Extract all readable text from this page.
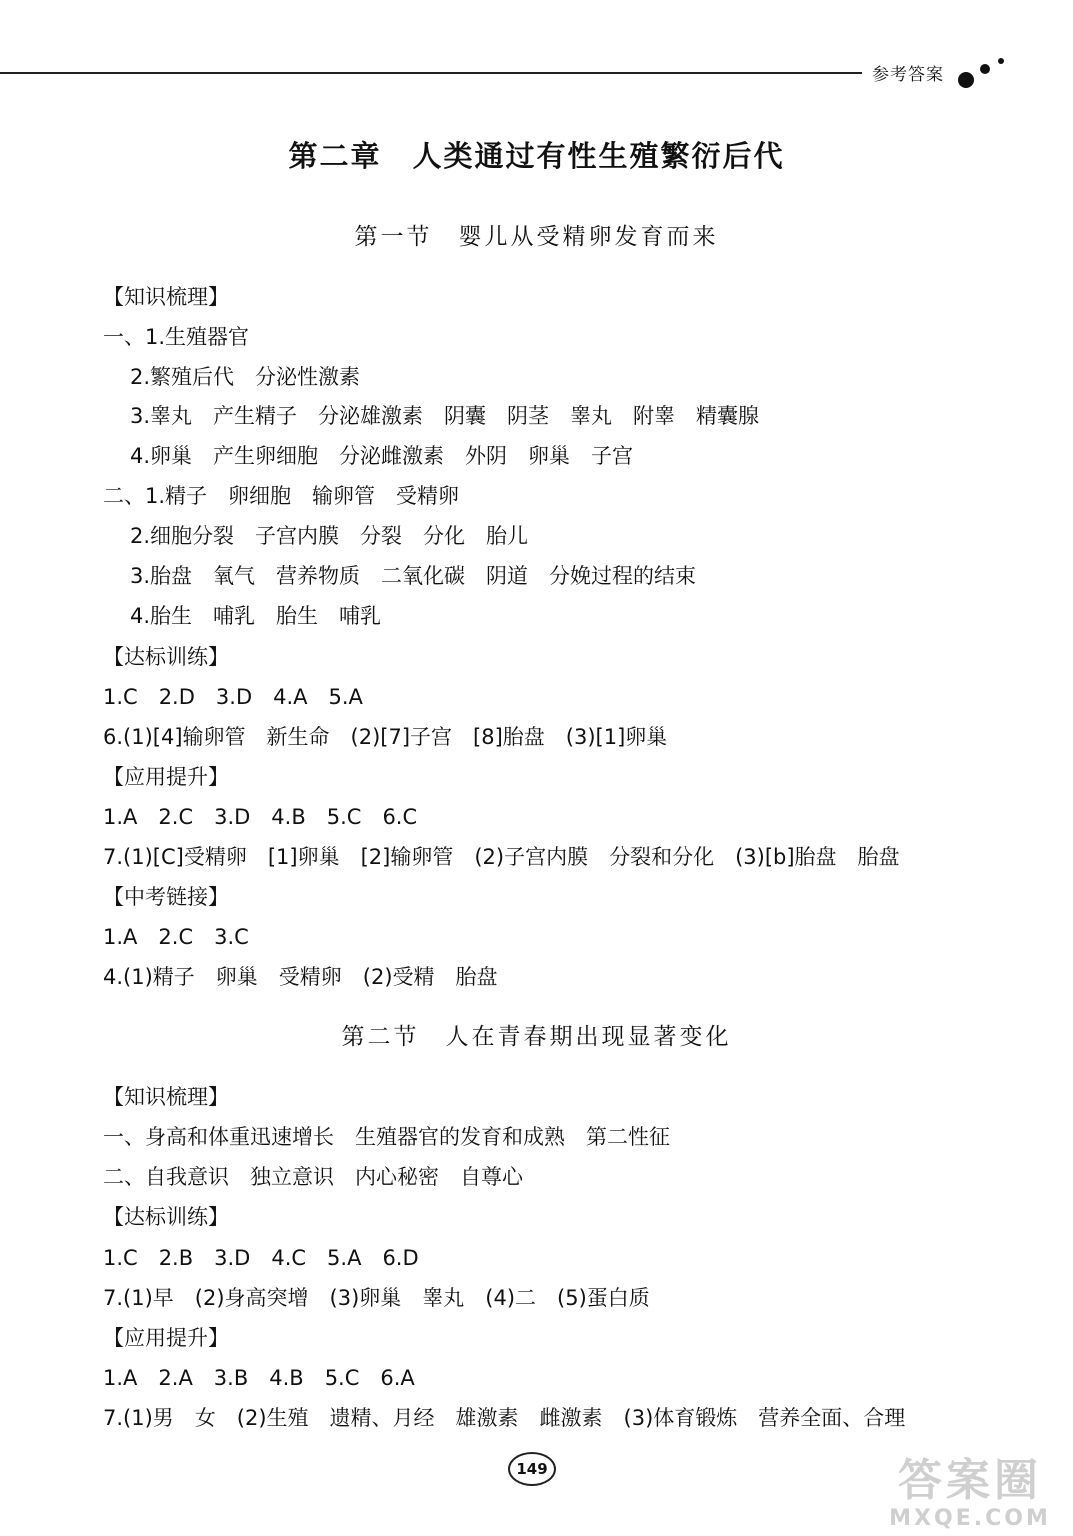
参考答案
第二章　人类通过有性生殖繁衍后代
第一节　婴儿从受精卵发育而来
【知识梳理】
一、1.生殖器官
2.繁殖后代　分泌性激素
3.睾丸　产生精子　分泌雄激素　阴囊　阴茎　睾丸　附睾　精囊腺
4.卵巢　产生卵细胞　分泌雌激素　外阴　卵巢　子宫
二、1.精子　卵细胞　输卵管　受精卵
2.细胞分裂　子宫内膜　分裂　分化　胎儿
3.胎盘　氧气　营养物质　二氧化碳　阴道　分娩过程的结束
4.胎生　哺乳　胎生　哺乳
【达标训练】
1.C　2.D　3.D　4.A　5.A
6.(1)[4]输卵管　新生命　(2)[7]子宫　[8]胎盘　(3)[1]卵巢
【应用提升】
1.A　2.C　3.D　4.B　5.C　6.C
7.(1)[C]受精卵　[1]卵巢　[2]输卵管　(2)子宫内膜　分裂和分化　(3)[b]胎盘　胎盘
【中考链接】
1.A　2.C　3.C
4.(1)精子　卵巢　受精卵　(2)受精　胎盘
第二节　人在青春期出现显著变化
【知识梳理】
一、身高和体重迅速增长　生殖器官的发育和成熟　第二性征
二、自我意识　独立意识　内心秘密　自尊心
【达标训练】
1.C　2.B　3.D　4.C　5.A　6.D
7.(1)早　(2)身高突增　(3)卵巢　睾丸　(4)二　(5)蛋白质
【应用提升】
1.A　2.A　3.B　4.B　5.C　6.A
7.(1)男　女　(2)生殖　遗精、月经　雄激素　雌激素　(3)体育锻炼　营养全面、合理
149	答案圈
MXQE.COM
